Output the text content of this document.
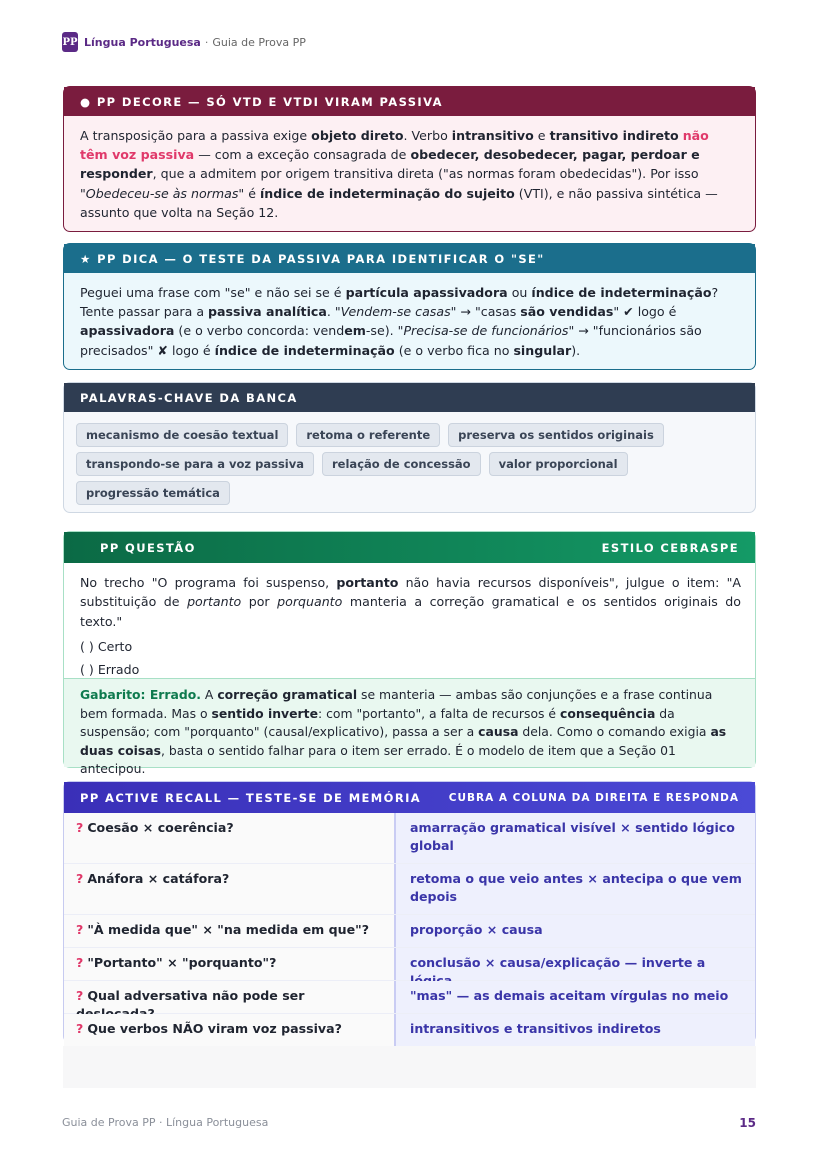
PP Língua Portuguesa · Guia de Prova PP
● PP DECORE — SÓ VTD E VTDI VIRAM PASSIVA
A transposição para a passiva exige objeto direto. Verbo intransitivo e transitivo indireto não têm voz passiva — com a exceção consagrada de obedecer, desobedecer, pagar, perdoar e responder, que a admitem por origem transitiva direta ("as normas foram obedecidas"). Por isso "Obedeceu-se às normas" é índice de indeterminação do sujeito (VTI), e não passiva sintética — assunto que volta na Seção 12.
★ PP DICA — O TESTE DA PASSIVA PARA IDENTIFICAR O "SE"
Peguei uma frase com "se" e não sei se é partícula apassivadora ou índice de indeterminação? Tente passar para a passiva analítica. "Vendem-se casas" → "casas são vendidas" ✔ logo é apassivadora (e o verbo concorda: vendem-se). "Precisa-se de funcionários" → "funcionários são precisados" ✘ logo é índice de indeterminação (e o verbo fica no singular).
PALAVRAS-CHAVE DA BANCA
mecanismo de coesão textual	retoma o referente	preserva os sentidos originais
transpondo-se para a voz passiva	relação de concessão	valor proporcional
progressão temática
PP QUESTÃO	ESTILO CEBRASPE
No trecho "O programa foi suspenso, portanto não havia recursos disponíveis", julgue o item: "A substituição de portanto por porquanto manteria a correção gramatical e os sentidos originais do texto."
( ) Certo
( ) Errado
Gabarito: Errado. A correção gramatical se manteria — ambas são conjunções e a frase continua bem formada. Mas o sentido inverte: com "portanto", a falta de recursos é consequência da suspensão; com "porquanto" (causal/explicativo), passa a ser a causa dela. Como o comando exigia as duas coisas, basta o sentido falhar para o item ser errado. É o modelo de item que a Seção 01 antecipou.
PP ACTIVE RECALL — TESTE-SE DE MEMÓRIA	CUBRA A COLUNA DA DIREITA E RESPONDA
? Coesão × coerência?	amarração gramatical visível × sentido lógico global
? Anáfora × catáfora?	retoma o que veio antes × antecipa o que vem depois
? "À medida que" × "na medida em que"?	proporção × causa
? "Portanto" × "porquanto"?	conclusão × causa/explicação — inverte a
? Qual adversativa não pode ser	"mas" — as demais aceitam vírgulas no meio
? Que verbos NÃO viram voz passiva?	intransitivos e transitivos indiretos
Guia de Prova PP · Língua Portuguesa	15
